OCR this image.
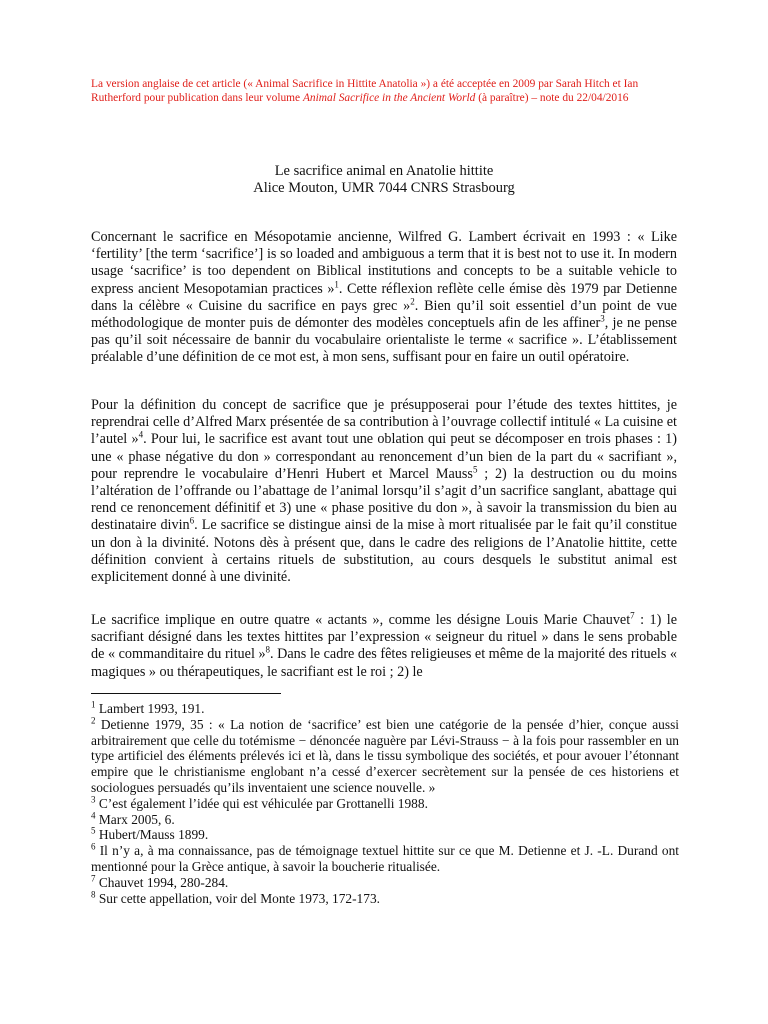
La version anglaise de cet article (« Animal Sacrifice in Hittite Anatolia ») a été acceptée en 2009 par Sarah Hitch et Ian Rutherford pour publication dans leur volume Animal Sacrifice in the Ancient World (à paraître) – note du 22/04/2016
Le sacrifice animal en Anatolie hittite
Alice Mouton, UMR 7044 CNRS Strasbourg

Concernant le sacrifice en Mésopotamie ancienne, Wilfred G. Lambert écrivait en 1993 : « Like ‘fertility’ [the term ‘sacrifice’] is so loaded and ambiguous a term that it is best not to use it. In modern usage ‘sacrifice’ is too dependent on Biblical institutions and concepts to be a suitable vehicle to express ancient Mesopotamian practices »$^1$. Cette réflexion reflète celle émise dès 1979 par Detienne dans la célèbre « Cuisine du sacrifice en pays grec »$^2$. Bien qu’il soit essentiel d’un point de vue méthodologique de monter puis de démonter des modèles conceptuels afin de les affiner$^3$, je ne pense pas qu’il soit nécessaire de bannir du vocabulaire orientaliste le terme « sacrifice ». L’établissement préalable d’une définition de ce mot est, à mon sens, suffisant pour en faire un outil opératoire.

Pour la définition du concept de sacrifice que je présupposerai pour l’étude des textes hittites, je reprendrai celle d’Alfred Marx présentée de sa contribution à l’ouvrage collectif intitulé « La cuisine et l’autel »$^4$. Pour lui, le sacrifice est avant tout une oblation qui peut se décomposer en trois phases : 1) une « phase négative du don » correspondant au renoncement d’un bien de la part du « sacrifiant », pour reprendre le vocabulaire d’Henri Hubert et Marcel Mauss$^5$ ; 2) la destruction ou du moins l’altération de l’offrande ou l’abattage de l’animal lorsqu’il s’agit d’un sacrifice sanglant, abattage qui rend ce renoncement définitif et 3) une « phase positive du don », à savoir la transmission du bien au destinataire divin$^6$. Le sacrifice se distingue ainsi de la mise à mort ritualisée par le fait qu’il constitue un don à la divinité. Notons dès à présent que, dans le cadre des religions de l’Anatolie hittite, cette définition convient à certains rituels de substitution, au cours desquels le substitut animal est explicitement donné à une divinité.

Le sacrifice implique en outre quatre « actants », comme les désigne Louis Marie Chauvet$^7$ : 1) le sacrifiant désigné dans les textes hittites par l’expression « seigneur du rituel » dans le sens probable de « commanditaire du rituel »$^8$. Dans le cadre des fêtes religieuses et même de la majorité des rituels « magiques » ou thérapeutiques, le sacrifiant est le roi ; 2) le

$^1$ Lambert 1993, 191.

$^2$ Detienne 1979, 35 : « La notion de ‘sacrifice’ est bien une catégorie de la pensée d’hier, conçue aussi arbitrairement que celle du totémisme − dénoncée naguère par Lévi-Strauss − à la fois pour rassembler en un type artificiel des éléments prélevés ici et là, dans le tissu symbolique des sociétés, et pour avouer l’étonnant empire que le christianisme englobant n’a cessé d’exercer secrètement sur la pensée de ces historiens et sociologues persuadés qu’ils inventaient une science nouvelle. »

$^3$ C’est également l’idée qui est véhiculée par Grottanelli 1988.

$^4$ Marx 2005, 6.

$^5$ Hubert/Mauss 1899.

$^6$ Il n’y a, à ma connaissance, pas de témoignage textuel hittite sur ce que M. Detienne et J. -L. Durand ont mentionné pour la Grèce antique, à savoir la boucherie ritualisée.

$^7$ Chauvet 1994, 280-284.

$^8$ Sur cette appellation, voir del Monte 1973, 172-173.
